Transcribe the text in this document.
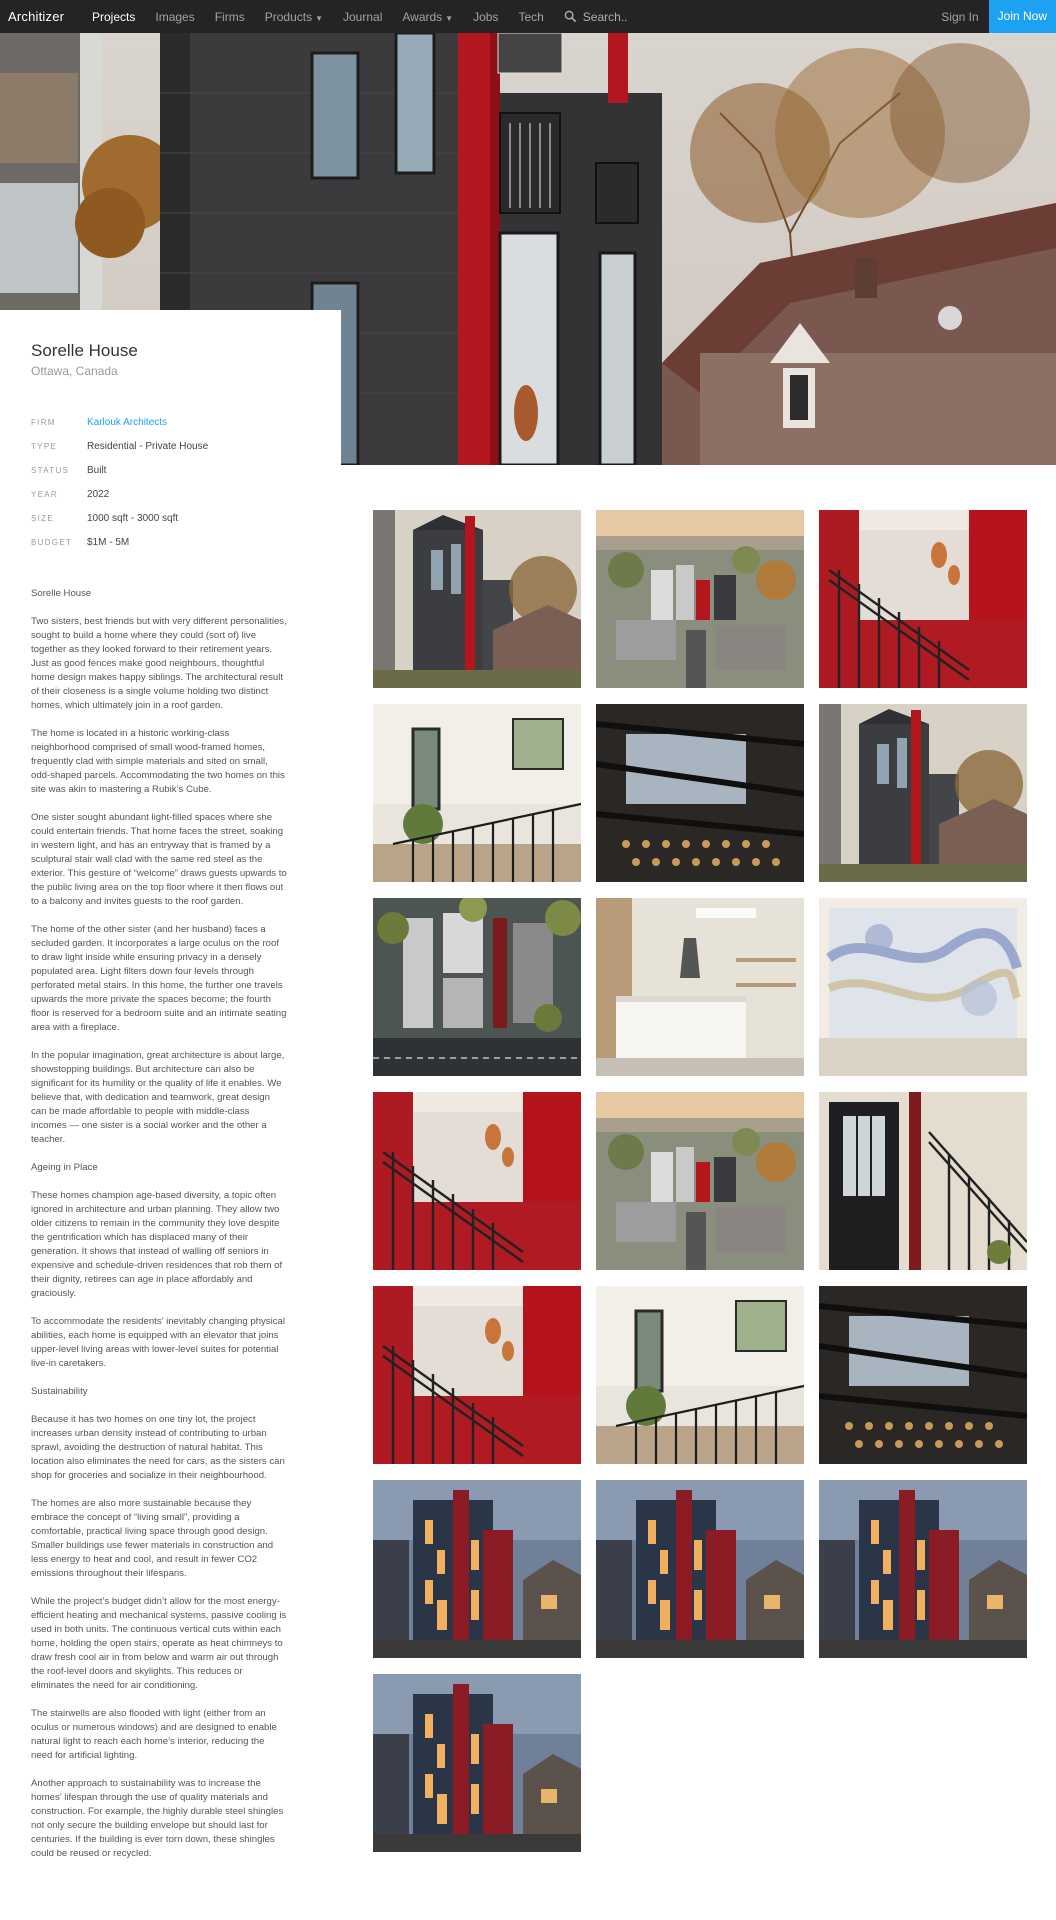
Architizer	Projects Images Firms Products ▼ Journal Awards ▼ Jobs Tech
Search..	Sign In	Join Now
Sorelle House
Ottawa, Canada
FIRM	Karlouk Architects
TYPE	Residential - Private House
STATUS	Built
YEAR	2022
SIZE	1000 sqft - 3000 sqft
BUDGET	$1M - 5M
Sorelle House

Two sisters, best friends but with very different personalities, sought to build a home where they could (sort of) live together as they looked forward to their retirement years. Just as good fences make good neighbours, thoughtful home design makes happy siblings. The architectural result of their closeness is a single volume holding two distinct homes, which ultimately join in a roof garden.

The home is located in a historic working-class neighborhood comprised of small wood-framed homes, frequently clad with simple materials and sited on small, odd-shaped parcels. Accommodating the two homes on this site was akin to mastering a Rubik’s Cube.

One sister sought abundant light-filled spaces where she could entertain friends. That home faces the street, soaking in western light, and has an entryway that is framed by a sculptural stair wall clad with the same red steel as the exterior. This gesture of “welcome” draws guests upwards to the public living area on the top floor where it then flows out to a balcony and invites guests to the roof garden.

The home of the other sister (and her husband) faces a secluded garden. It incorporates a large oculus on the roof to draw light inside while ensuring privacy in a densely populated area. Light filters down four levels through perforated metal stairs. In this home, the further one travels upwards the more private the spaces become; the fourth floor is reserved for a bedroom suite and an intimate seating area with a fireplace.

In the popular imagination, great architecture is about large, showstopping buildings. But architecture can also be significant for its humility or the quality of life it enables. We believe that, with dedication and teamwork, great design can be made affordable to people with middle-class incomes — one sister is a social worker and the other a teacher.

Ageing in Place

These homes champion age-based diversity, a topic often ignored in architecture and urban planning. They allow two older citizens to remain in the community they love despite the gentrification which has displaced many of their generation. It shows that instead of walling off seniors in expensive and schedule-driven residences that rob them of their dignity, retirees can age in place affordably and graciously.

To accommodate the residents’ inevitably changing physical abilities, each home is equipped with an elevator that joins upper-level living areas with lower-level suites for potential live-in caretakers.

Sustainability

Because it has two homes on one tiny lot, the project increases urban density instead of contributing to urban sprawl, avoiding the destruction of natural habitat. This location also eliminates the need for cars, as the sisters can shop for groceries and socialize in their neighbourhood.

The homes are also more sustainable because they embrace the concept of “living small”, providing a comfortable, practical living space through good design. Smaller buildings use fewer materials in construction and less energy to heat and cool, and result in fewer CO2 emissions throughout their lifespans.

While the project’s budget didn’t allow for the most energy-efficient heating and mechanical systems, passive cooling is used in both units. The continuous vertical cuts within each home, holding the open stairs, operate as heat chimneys to draw fresh cool air in from below and warm air out through the roof-level doors and skylights. This reduces or eliminates the need for air conditioning.

The stairwells are also flooded with light (either from an oculus or numerous windows) and are designed to enable natural light to reach each home’s interior, reducing the need for artificial lighting.

Another approach to sustainability was to increase the homes’ lifespan through the use of quality materials and construction. For example, the highly durable steel shingles not only secure the building envelope but should last for centuries. If the building is ever torn down, these shingles could be reused or recycled.
